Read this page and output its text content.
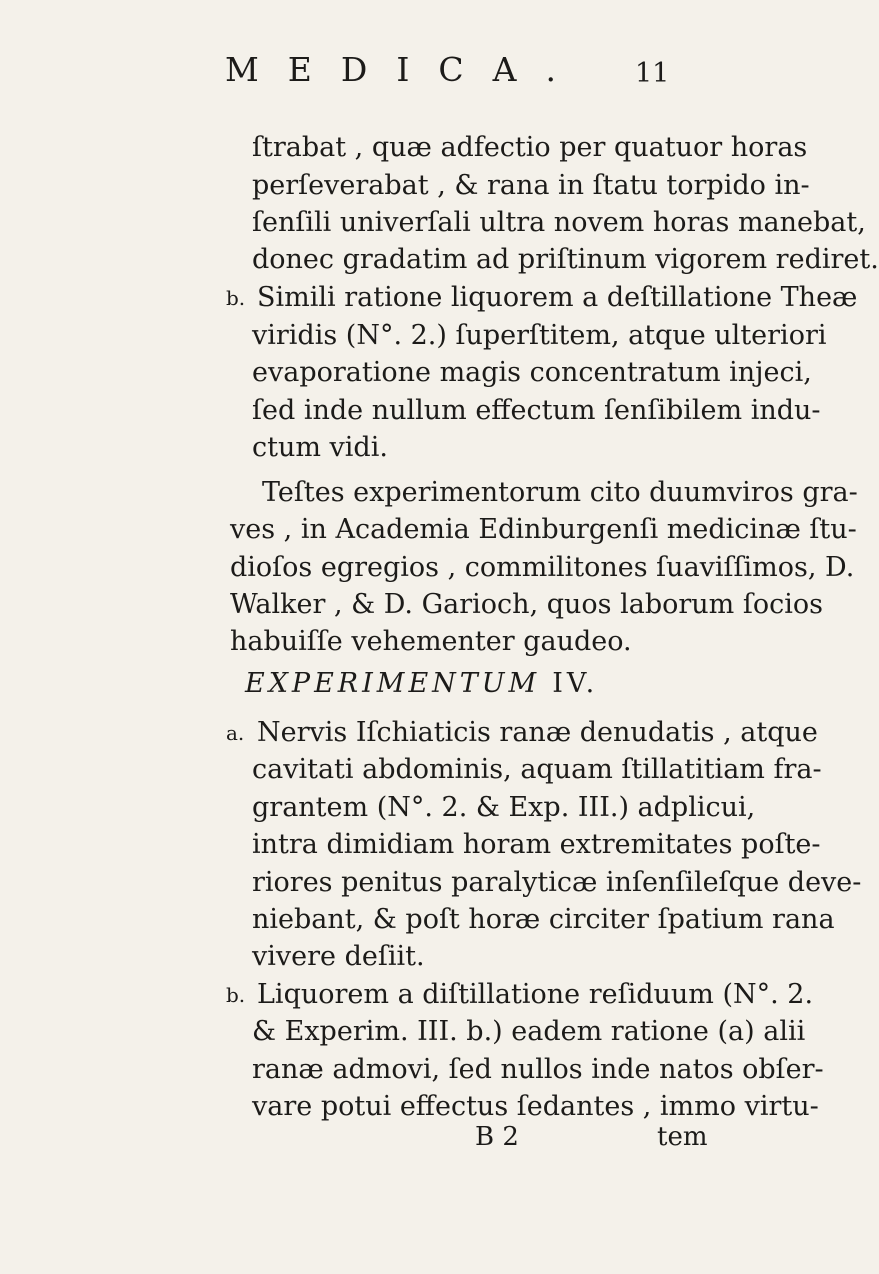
MEDICA. 11
ſtrabat , quæ adfectio per quatuor horas
perſeverabat , & rana in ſtatu torpido in-
ſenſili univerſali ultra novem horas manebat,
donec gradatim ad priſtinum vigorem rediret.
b. Simili ratione liquorem a deſtillatione Theæ
viridis (N°. 2.) ſuperſtitem, atque ulteriori
evaporatione magis concentratum injeci,
ſed inde nullum effectum ſenſibilem indu-
ctum vidi.
Teſtes experimentorum cito duumviros gra-
ves , in Academia Edinburgenſi medicinæ ſtu-
dioſos egregios , commilitones ſuaviſſimos, D.
Walker , & D. Garioch, quos laborum ſocios
habuiſſe vehementer gaudeo.
EXPERIMENTUM IV.
a. Nervis Iſchiaticis ranæ denudatis , atque
cavitati abdominis, aquam ſtillatitiam fra-
grantem (N°. 2. & Exp. III.) adplicui,
intra dimidiam horam extremitates poſte-
riores penitus paralyticæ inſenſileſque deve-
niebant, & poſt horæ circiter ſpatium rana
vivere deſiit.
b. Liquorem a diſtillatione reſiduum (N°. 2.
& Experim. III. b.) eadem ratione (a) alii
ranæ admovi, ſed nullos inde natos obſer-
vare potui effectus ſedantes , immo virtu-
B 2	tem
